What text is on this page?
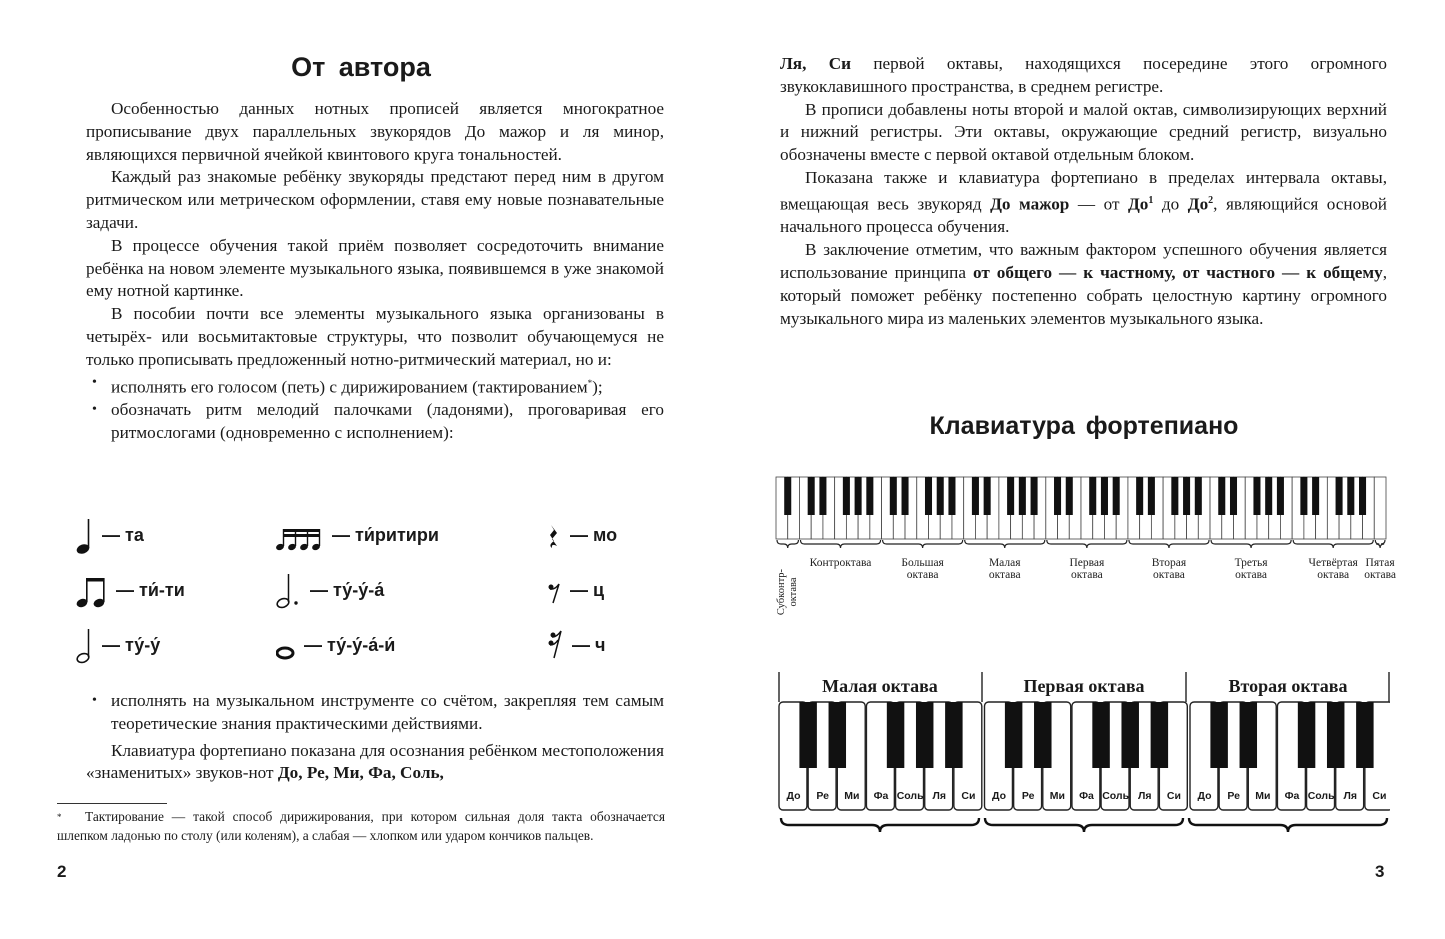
От автора

Особенностью данных нотных прописей является многократное прописывание двух параллельных звукорядов До мажор и ля минор, являющихся первичной ячейкой квинтового круга тональностей.

Каждый раз знакомые ребёнку звукоряды предстают перед ним в другом ритмическом или метрическом оформлении, ставя ему новые познавательные задачи.

В процессе обучения такой приём позволяет сосредоточить внимание ребёнка на новом элементе музыкального языка, появившемся в уже знакомой ему нотной картинке.

В пособии почти все элементы музыкального языка организованы в четырёх- или восьмитактовые структуры, что позволит обучающемуся не только прописывать предложенный нотно-ритмический материал, но и:

• исполнять его голосом (петь) с дирижированием (тактированием*);
• обозначать ритм мелодий палочками (ладонями), проговаривая его ритмослогами (одновременно с исполнением):
— та	— ти́ритири	— мо
— ти́-ти	— ту́-у́-а́	— ц
— ту́-у́	— ту́-у́-а́-и́	— ч
• исполнять на музыкальном инструменте со счётом, закрепляя тем самым теоретические знания практическими действиями.

Клавиатура фортепиано показана для осознания ребёнком местоположения «знаменитых» звуков-нот До, Ре, Ми, Фа, Соль,

* Тактирование — такой способ дирижирования, при котором сильная доля такта обозначается шлепком ладонью по столу (или коленям), а слабая — хлопком или ударом кончиков пальцев.
2

Ля, Си первой октавы, находящихся посередине этого огромного звукоклавишного пространства, в среднем регистре.

В прописи добавлены ноты второй и малой октав, символизирующих верхний и нижний регистры. Эти октавы, окружающие средний регистр, визуально обозначены вместе с первой октавой отдельным блоком.

Показана также и клавиатура фортепиано в пределах интервала октавы, вмещающая весь звукоряд До мажор — от $До^1$ до $До^2$, являющийся основой начального процесса обучения.

В заключение отметим, что важным фактором успешного обучения является использование принципа от общего — к частному, от частного — к общему, который поможет ребёнку постепенно собрать целостную картину огромного музыкального мира из маленьких элементов музыкального языка.

Клавиатура фортепиано
Субконтр-октава
Контроктава	Большая октава
Малая октава
Первая октава
Вторая октава
Третья октава
Четвёртая октава
Пятая октава
3
Малая октава	Первая октава	Вторая октава
До	Ре	Ми	Фа Соль Ля	Си	До	Ре	Ми	Фа Соль Ля	Си	До	Ре	Ми	Фа Соль Ля	Си
